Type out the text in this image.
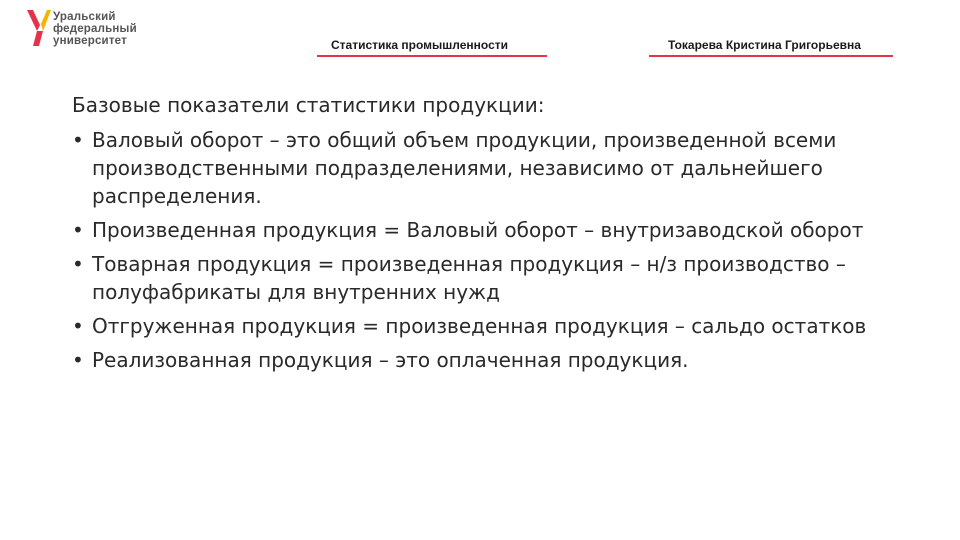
Уральский
федеральный
университет	Статистика промышленности	Токарева Кристина Григорьевна

Базовые показатели статистики продукции:

• Валовый оборот – это общий объем продукции, произведенной всеми производственными подразделениями, независимо от дальнейшего распределения.
• Произведенная продукция = Валовый оборот – внутризаводской оборот
• Товарная продукция = произведенная продукция – н/з производство – полуфабрикаты для внутренних нужд
• Отгруженная продукция = произведенная продукция – сальдо остатков
• Реализованная продукция – это оплаченная продукция.
